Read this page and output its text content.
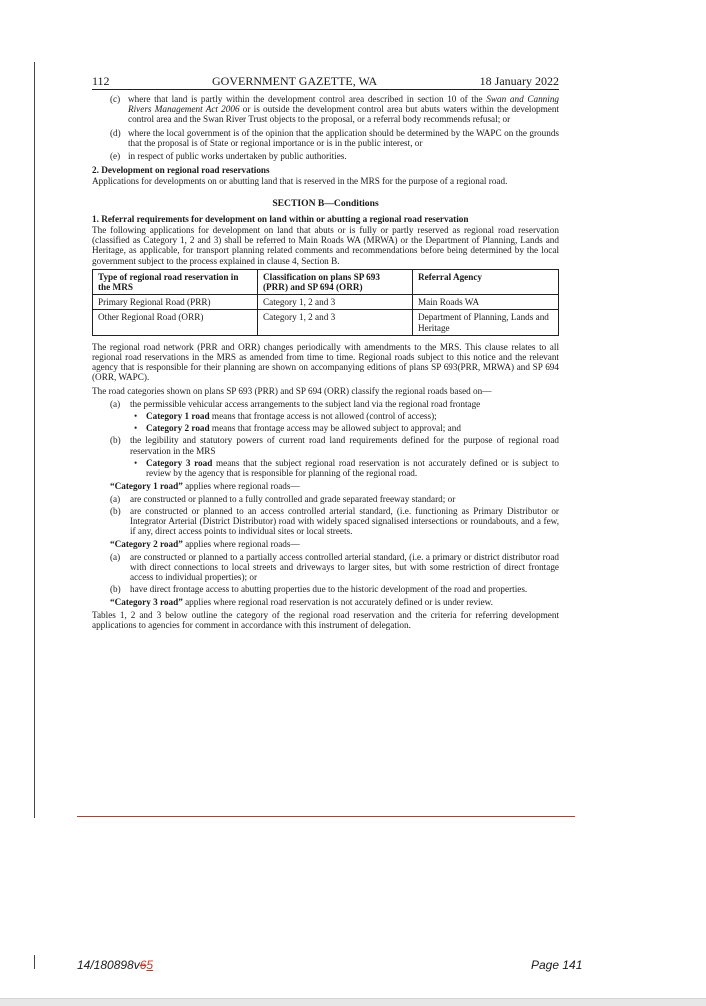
112	GOVERNMENT GAZETTE, WA	18 January 2022
(c) where that land is partly within the development control area described in section 10 of the Swan and Canning Rivers Management Act 2006 or is outside the development control area but abuts waters within the development control area and the Swan River Trust objects to the proposal, or a referral body recommends refusal; or
(d) where the local government is of the opinion that the application should be determined by the WAPC on the grounds that the proposal is of State or regional importance or is in the public interest, or
(e) in respect of public works undertaken by public authorities.
2. Development on regional road reservations

Applications for developments on or abutting land that is reserved in the MRS for the purpose of a regional road.

SECTION B—Conditions
1. Referral requirements for development on land within or abutting a regional road reservation

The following applications for development on land that abuts or is fully or partly reserved as regional road reservation (classified as Category 1, 2 and 3) shall be referred to Main Roads WA (MRWA) or the Department of Planning, Lands and Heritage, as applicable, for transport planning related comments and recommendations before being determined by the local government subject to the process explained in clause 4, Section B.

Type of regional road reservation in the MRS	Classification on plans SP 693 (PRR) and SP 694 (ORR)	Referral Agency
Primary Regional Road (PRR)	Category 1, 2 and 3	Main Roads WA
Other Regional Road (ORR)	Category 1, 2 and 3	Department of Planning, Lands and Heritage

The regional road network (PRR and ORR) changes periodically with amendments to the MRS. This clause relates to all regional road reservations in the MRS as amended from time to time. Regional roads subject to this notice and the relevant agency that is responsible for their planning are shown on accompanying editions of plans SP 693(PRR, MRWA) and SP 694 (ORR, WAPC).

The road categories shown on plans SP 693 (PRR) and SP 694 (ORR) classify the regional roads based on—

(a)	the permissible vehicular access arrangements to the subject land via the regional road frontage
• Category 1 road means that frontage access is not allowed (control of access);
• Category 2 road means that frontage access may be allowed subject to approval; and
(b)	the legibility and statutory powers of current road land requirements defined for the purpose of regional road reservation in the MRS
• Category 3 road means that the subject regional road reservation is not accurately defined or is subject to review by the agency that is responsible for planning of the regional road.
“Category 1 road” applies where regional roads—
(a)	are constructed or planned to a fully controlled and grade separated freeway standard; or
(b)	are constructed or planned to an access controlled arterial standard, (i.e. functioning as Primary Distributor or Integrator Arterial (District Distributor) road with widely spaced signalised intersections or roundabouts, and a few, if any, direct access points to individual sites or local streets.
“Category 2 road” applies where regional roads—
(a)	are constructed or planned to a partially access controlled arterial standard, (i.e. a primary or district distributor road with direct connections to local streets and driveways to larger sites, but with some restriction of direct frontage access to individual properties); or
(b)	have direct frontage access to abutting properties due to the historic development of the road and properties.
“Category 3 road” applies where regional road reservation is not accurately defined or is under review.

Tables 1, 2 and 3 below outline the category of the regional road reservation and the criteria for referring development applications to agencies for comment in accordance with this instrument of delegation.

14/180898v65	Page 141
